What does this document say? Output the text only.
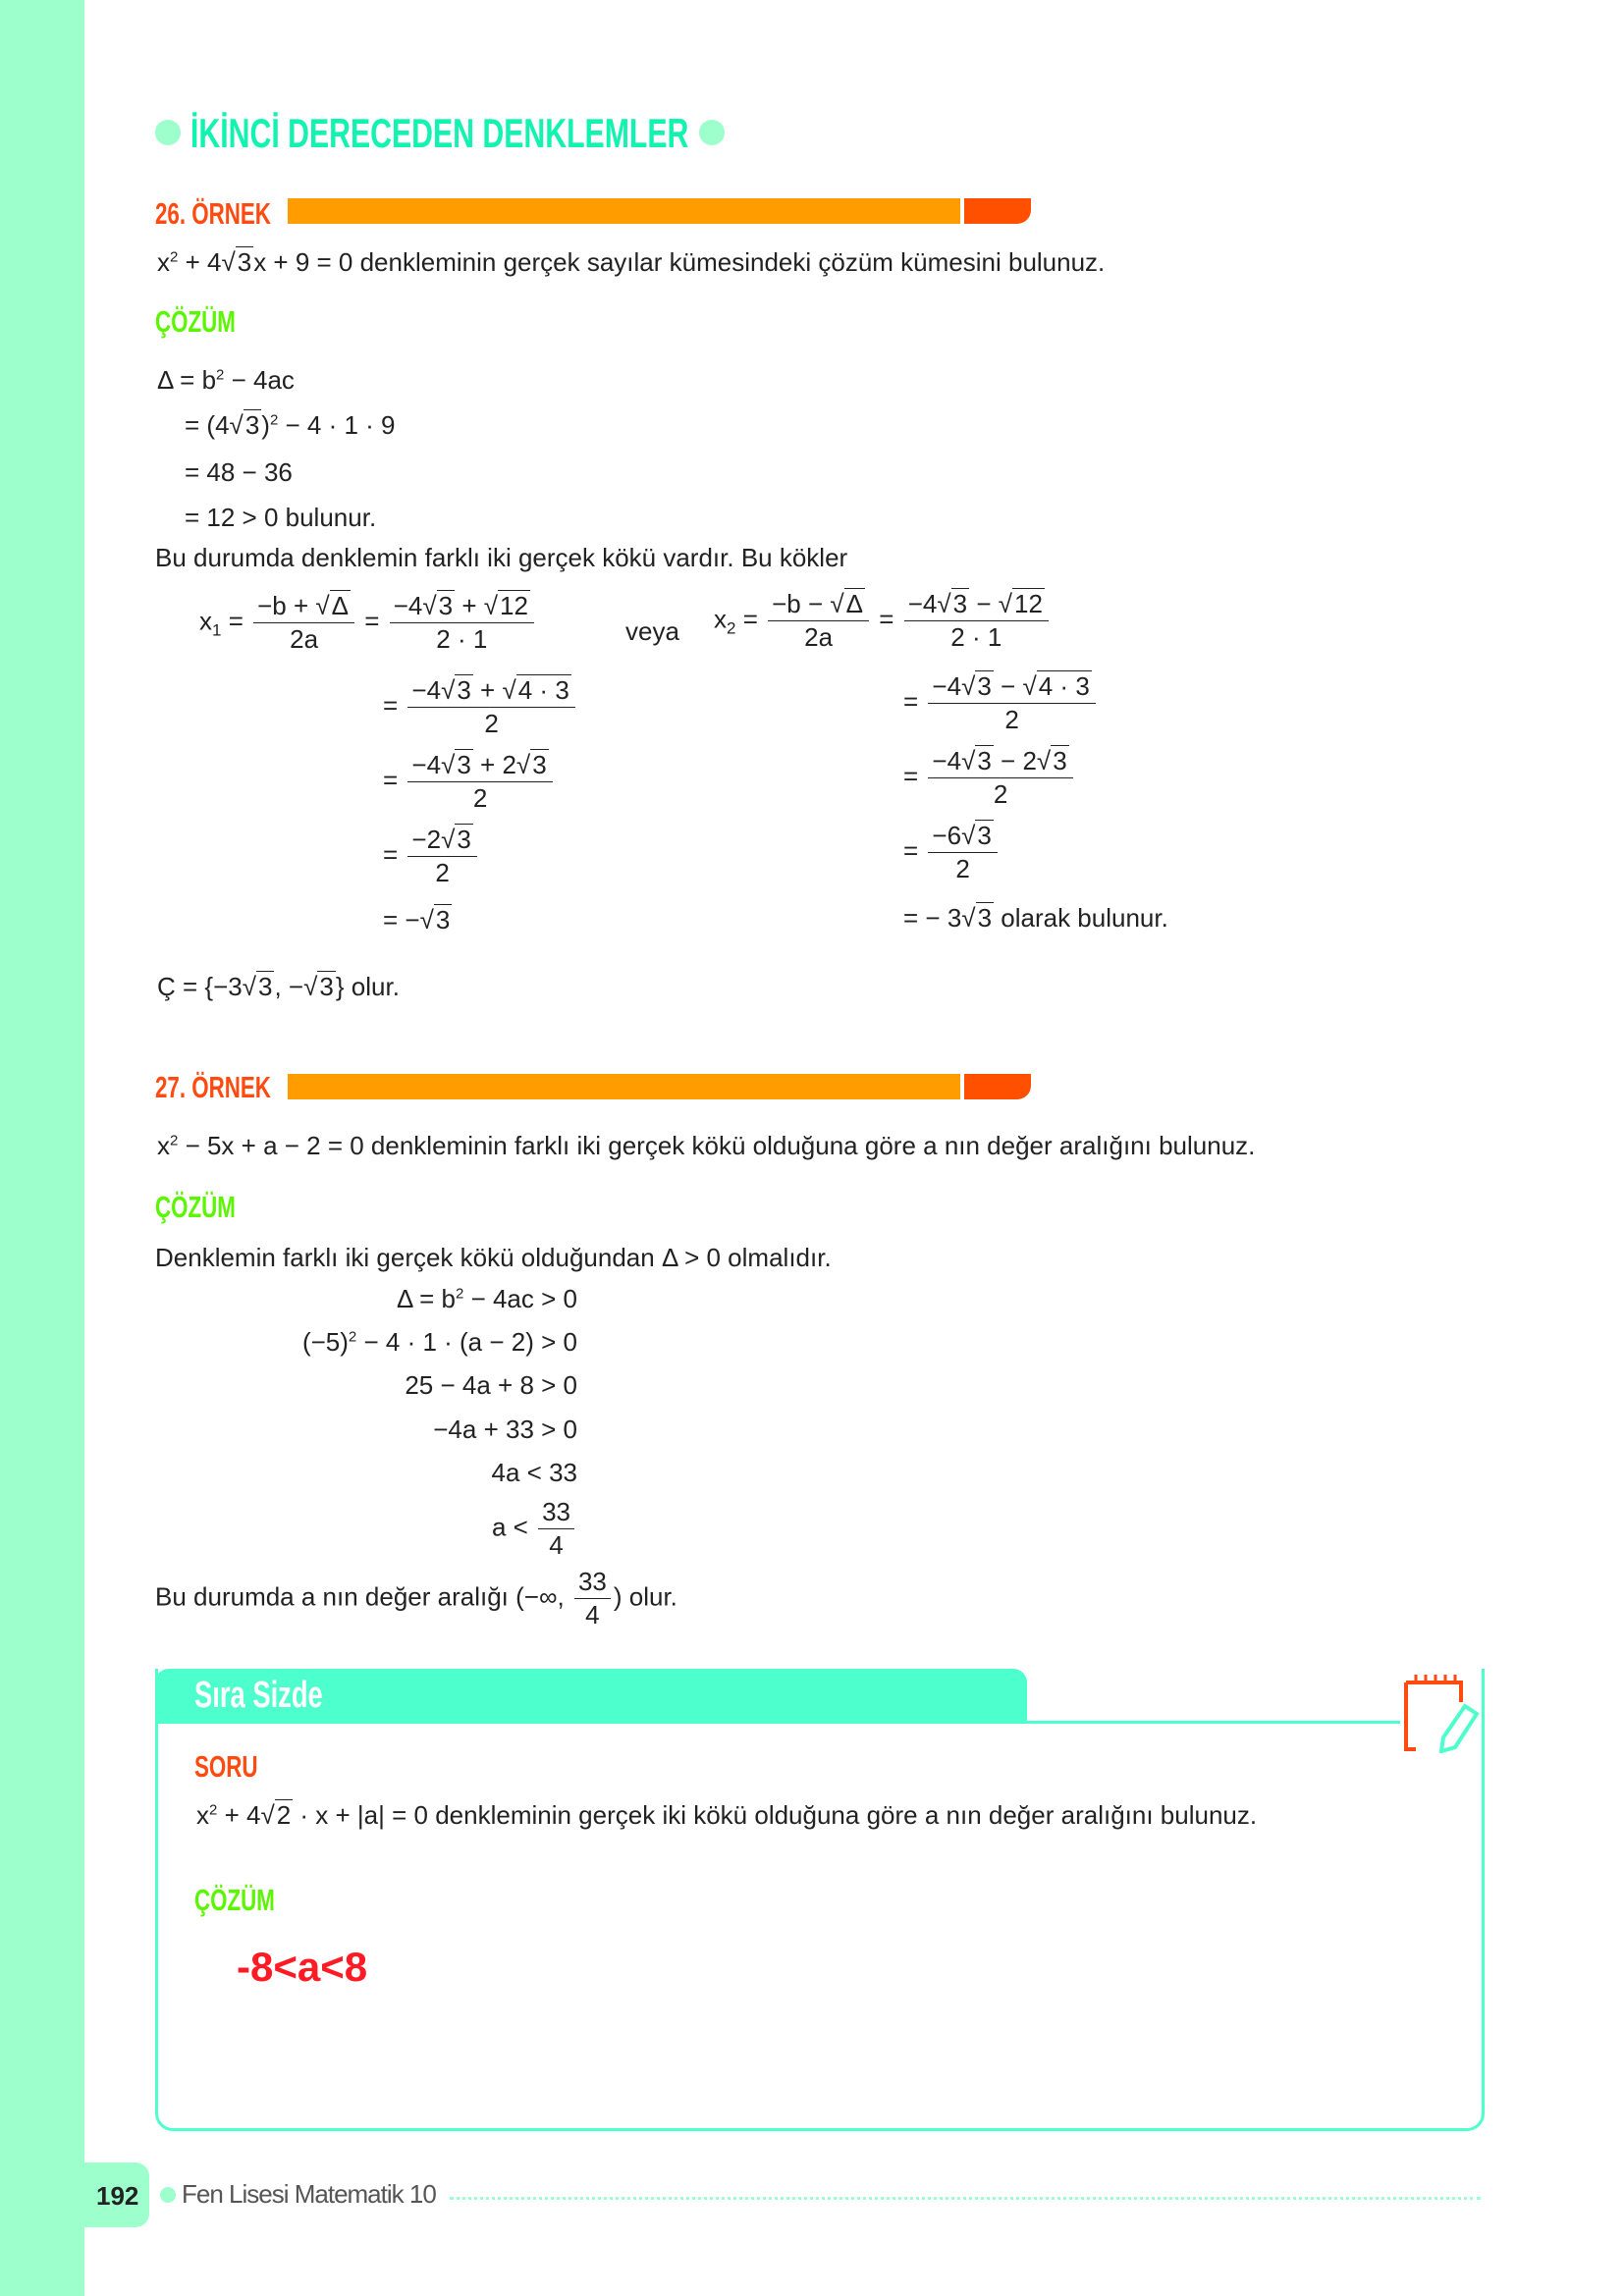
İKİNCİ DERECEDEN DENKLEMLER
26. ÖRNEK
$x^2 + 4√3x + 9 = 0$ denkleminin gerçek sayılar kümesindeki çözüm kümesini bulunuz.
ÇÖZÜM
$\Delta = b^2 - 4ac$
= $(4√3)^2 - 4 \cdot 1 \cdot 9$
= 48 − 36
= 12 > 0 bulunur.
Bu durumda denklemin farklı iki gerçek kökü vardır. Bu kökler
$x_1 = \frac{-b + √\Delta}{2a} = \frac{-4√3 + √12}{2 \cdot 1}$	veya $x_2 = \frac{-b - √\Delta}{2a} = \frac{-4√3 - √12}{2 \cdot 1}$
= $\frac{-4√3 + √4 \cdot 3}{2}$
= $\frac{-4√3 + 2√3}{2}$
= $\frac{-2√3}{2}$
= −√3
= $\frac{-4√3 - √4 \cdot 3}{2}$
= $\frac{-4√3 - 2√3}{2}$
= $\frac{-6√3}{2}$
= − 3√3 olarak bulunur.
Ç = {−3√3, −√3} olur.
27. ÖRNEK
$x^2 - 5x + a - 2 = 0$ denkleminin farklı iki gerçek kökü olduğuna göre a nın değer aralığını bulunuz.
ÇÖZÜM
Denklemin farklı iki gerçek kökü olduğundan Δ > 0 olmalıdır.
$\Delta = b^2 - 4ac > 0$
$(-5)^2 - 4 \cdot 1 \cdot (a - 2) > 0$
25 − 4a + 8 > 0
−4a + 33 > 0
4a < 33
$a < \frac{33}{4}$
Bu durumda a nın değer aralığı (−∞, $\frac{33}{4}$ ) olur.
Sıra Sizde
SORU
$x^2 + 4√2 \cdot x + |a| = 0$ denkleminin gerçek iki kökü olduğuna göre a nın değer aralığını bulunuz.
ÇÖZÜM
-8<a<8
192 Fen Lisesi Matematik 10
